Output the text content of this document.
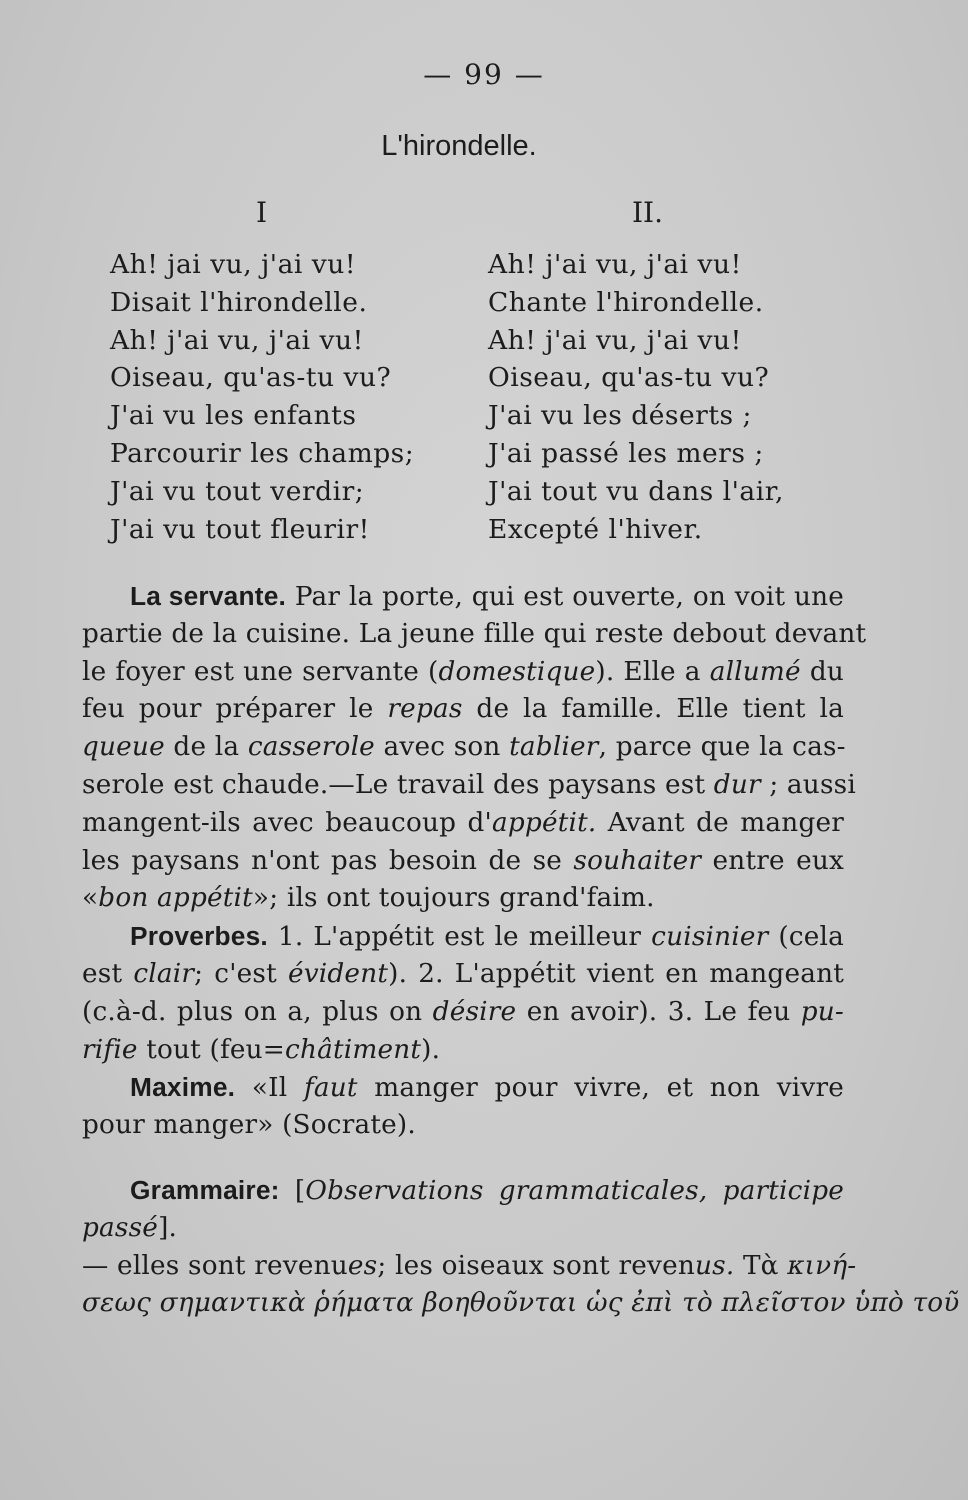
— 99 —
L'hirondelle.
I	II.
Ah! jai vu, j'ai vu!
Disait l'hirondelle.
Ah! j'ai vu, j'ai vu!
Oiseau, qu'as-tu vu?
J'ai vu les enfants
Parcourir les champs;
J'ai vu tout verdir;
J'ai vu tout fleurir!
Ah! j'ai vu, j'ai vu!
Chante l'hirondelle.
Ah! j'ai vu, j'ai vu!
Oiseau, qu'as-tu vu?
J'ai vu les déserts ;
J'ai passé les mers ;
J'ai tout vu dans l'air,
Excepté l'hiver.
La servante. Par la porte, qui est ouverte, on voit une
partie de la cuisine. La jeune fille qui reste debout devant
le foyer est une servante (domestique). Elle a allumé du
feu pour préparer le repas de la famille. Elle tient la
queue de la casserole avec son tablier, parce que la cas-
serole est chaude.—Le travail des paysans est dur ; aussi
mangent-ils avec beaucoup d'appétit. Avant de manger
les paysans n'ont pas besoin de se souhaiter entre eux
«bon appétit»; ils ont toujours grand'faim.
Proverbes. 1. L'appétit est le meilleur cuisinier (cela
est clair; c'est évident). 2. L'appétit vient en mangeant
(c.à-d. plus on a, plus on désire en avoir). 3. Le feu pu-
rifie tout (feu=châtiment).
Maxime. «Il faut manger pour vivre, et non vivre
pour manger» (Socrate).
Grammaire: [Observations grammaticales, participe
passé].
— elles sont revenues; les oiseaux sont revenus. Τὰ κινή-
σεως σημαντικὰ ῥήματα βοηθοῦνται ὡς ἐπὶ τὸ πλεῖστον ὑπὸ τοῦ
